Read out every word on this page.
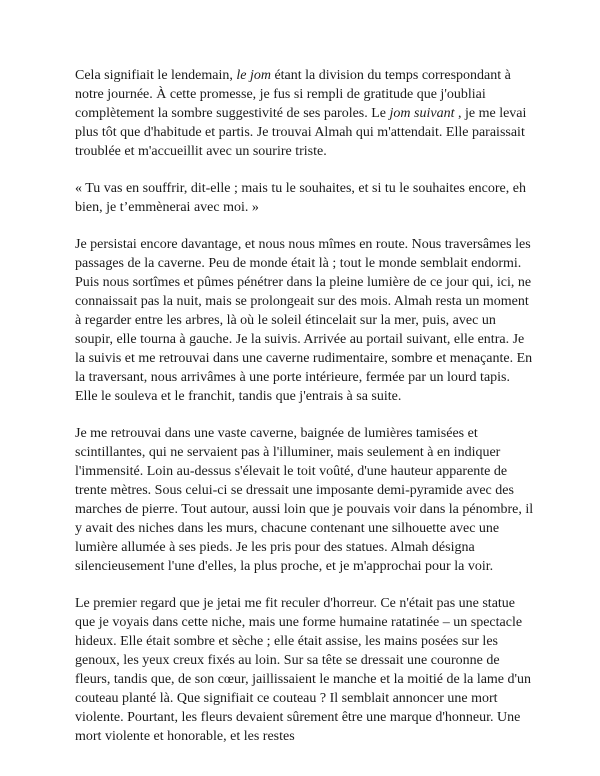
Cela signifiait le lendemain, le jom étant la division du temps correspondant à notre journée. À cette promesse, je fus si rempli de gratitude que j'oubliai complètement la sombre suggestivité de ses paroles. Le jom suivant , je me levai plus tôt que d'habitude et partis. Je trouvai Almah qui m'attendait. Elle paraissait troublée et m'accueillit avec un sourire triste.

« Tu vas en souffrir, dit-elle ; mais tu le souhaites, et si tu le souhaites encore, eh bien, je t’emmènerai avec moi. »

Je persistai encore davantage, et nous nous mîmes en route. Nous traversâmes les passages de la caverne. Peu de monde était là ; tout le monde semblait endormi. Puis nous sortîmes et pûmes pénétrer dans la pleine lumière de ce jour qui, ici, ne connaissait pas la nuit, mais se prolongeait sur des mois. Almah resta un moment à regarder entre les arbres, là où le soleil étincelait sur la mer, puis, avec un soupir, elle tourna à gauche. Je la suivis. Arrivée au portail suivant, elle entra. Je la suivis et me retrouvai dans une caverne rudimentaire, sombre et menaçante. En la traversant, nous arrivâmes à une porte intérieure, fermée par un lourd tapis. Elle le souleva et le franchit, tandis que j'entrais à sa suite.

Je me retrouvai dans une vaste caverne, baignée de lumières tamisées et scintillantes, qui ne servaient pas à l'illuminer, mais seulement à en indiquer l'immensité. Loin au-dessus s'élevait le toit voûté, d'une hauteur apparente de trente mètres. Sous celui-ci se dressait une imposante demi-pyramide avec des marches de pierre. Tout autour, aussi loin que je pouvais voir dans la pénombre, il y avait des niches dans les murs, chacune contenant une silhouette avec une lumière allumée à ses pieds. Je les pris pour des statues. Almah désigna silencieusement l'une d'elles, la plus proche, et je m'approchai pour la voir.

Le premier regard que je jetai me fit reculer d'horreur. Ce n'était pas une statue que je voyais dans cette niche, mais une forme humaine ratatinée – un spectacle hideux. Elle était sombre et sèche ; elle était assise, les mains posées sur les genoux, les yeux creux fixés au loin. Sur sa tête se dressait une couronne de fleurs, tandis que, de son cœur, jaillissaient le manche et la moitié de la lame d'un couteau planté là. Que signifiait ce couteau ? Il semblait annoncer une mort violente. Pourtant, les fleurs devaient sûrement être une marque d'honneur. Une mort violente et honorable, et les restes
